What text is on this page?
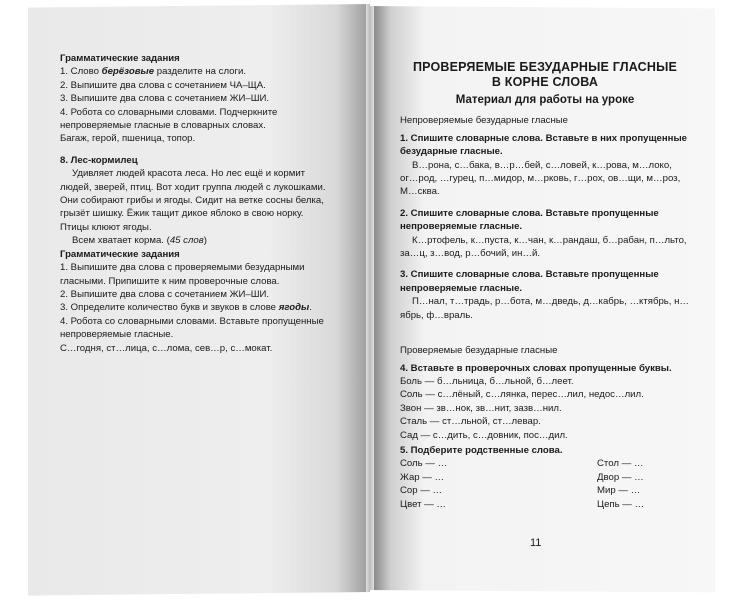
Грамматические задания

1. Слово берёзовые разделите на слоги.

2. Выпишите два слова с сочетанием ЧА–ЩА.

3. Выпишите два слова с сочетанием ЖИ–ШИ.

4. Робота со словарными словами. Подчеркните непроверяемые гласные в словарных словах.

Багаж, герой, пшеница, топор.

8. Лес-кормилец

Удивляет людей красота леса. Но лес ещё и кормит людей, зверей, птиц. Вот ходит группа людей с лукошками. Они собирают грибы и ягоды. Сидит на ветке сосны белка, грызёт шишку. Ёжик тащит дикое яблоко в свою норку. Птицы клюют ягоды.

Всем хватает корма. (45 слов)

Грамматические задания

1. Выпишите два слова с проверяемыми безударными гласными. Припишите к ним проверочные слова.

2. Выпишите два слова с сочетанием ЖИ–ШИ.

3. Определите количество букв и звуков в слове ягоды.

4. Робота со словарными словами. Вставьте пропущенные непроверяемые гласные.

С…годня, ст…лица, с…лома, сев…р, с…мокат.

ПРОВЕРЯЕМЫЕ БЕЗУДАРНЫЕ ГЛАСНЫЕ

В КОРНЕ СЛОВА

Материал для работы на уроке

Непроверяемые безударные гласные

1. Спишите словарные слова. Вставьте в них пропущенные безударные гласные.

В…рона, с…бака, в…р…бей, с…ловей, к…рова, м…локо, ог…род, …гурец, п…мидор, м…рковь, г…рох, ов…щи, м…роз, М…сква.

2. Спишите словарные слова. Вставьте пропущенные непроверяемые гласные.

К…ртофель, к…пуста, к…чан, к…рандаш, б…рабан, п…льто, за…ц, з…вод, р…бочий, ин…й.

3. Спишите словарные слова. Вставьте пропущенные непроверяемые гласные.

П…нал, т…традь, р…бота, м…дведь, д…кабрь, …ктябрь, н…ябрь, ф…враль.

Проверяемые безударные гласные

4. Вставьте в проверочных словах пропущенные буквы.

Боль — б…льница, б…льной, б…леет.

Соль — с…лёный, с…лянка, перес…лил, недос…лил.

Звон — зв…нок, зв…нит, зазв…нил.

Сталь — ст…льной, ст…левар.

Сад — с…дить, с…довник, пос…дил.

5. Подберите родственные слова.

Соль — …

Жар — …

Сор — …

Цвет — …

Стол — …

Двор — …

Мир — …

Цепь — …

11
